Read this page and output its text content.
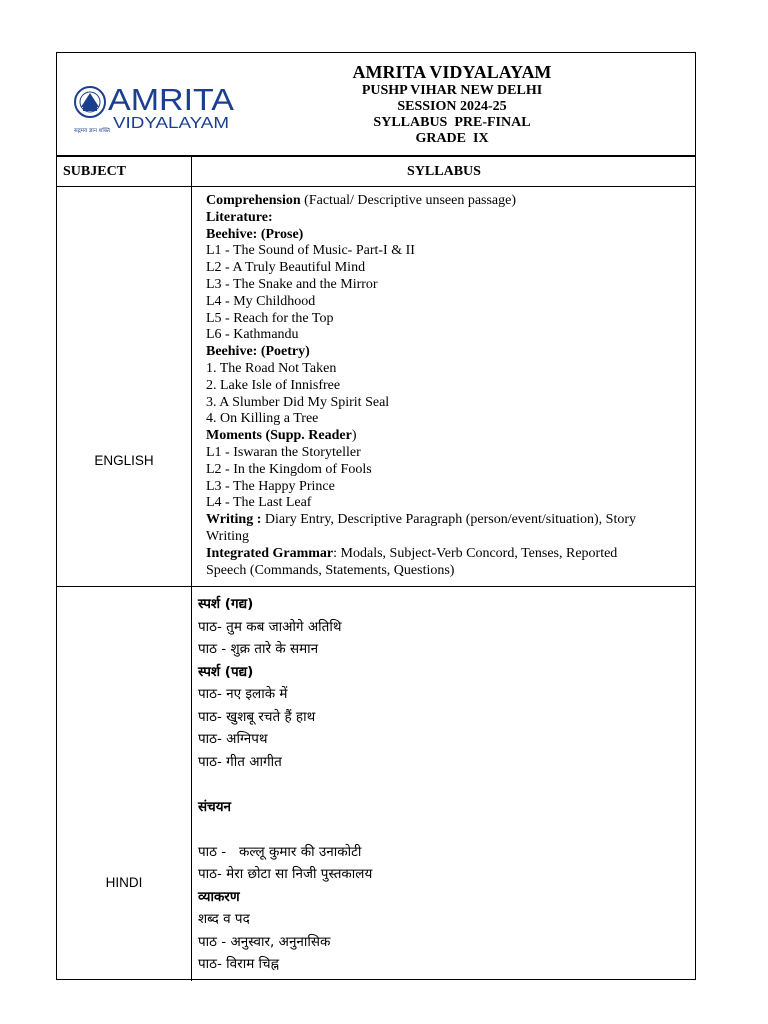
AMRITA
VIDYALAYAM
सद्गमय ज्ञान शक्ति
AMRITA VIDYALAYAM
PUSHP VIHAR NEW DELHI
SESSION 2024-25
SYLLABUS  PRE-FINAL
GRADE  IX
SUBJECT	SYLLABUS
ENGLISH
Comprehension (Factual/ Descriptive unseen passage)
Literature:
Beehive: (Prose)
L1 - The Sound of Music- Part-I & II
L2 - A Truly Beautiful Mind
L3 - The Snake and the Mirror
L4 - My Childhood
L5 - Reach for the Top
L6 - Kathmandu
Beehive: (Poetry)
1. The Road Not Taken
2. Lake Isle of Innisfree
3. A Slumber Did My Spirit Seal
4. On Killing a Tree
Moments (Supp. Reader)
L1 - Iswaran the Storyteller
L2 - In the Kingdom of Fools
L3 - The Happy Prince
L4 - The Last Leaf
Writing : Diary Entry, Descriptive Paragraph (person/event/situation), Story
Writing
Integrated Grammar: Modals, Subject-Verb Concord, Tenses, Reported
Speech (Commands, Statements, Questions)
HINDI
स्पर्श (गद्य)
पाठ- तुम कब जाओगे अतिथि
पाठ - शुक्र तारे के समान
स्पर्श (पद्य)
पाठ- नए इलाके में
पाठ- खुशबू रचते हैं हाथ
पाठ- अग्निपथ
पाठ- गीत आगीत
संचयन
पाठ -   कल्लू कुमार की उनाकोटी
पाठ- मेरा छोटा सा निजी पुस्तकालय
व्याकरण
शब्द व पद
पाठ - अनुस्वार, अनुनासिक
पाठ- विराम चिह्न
